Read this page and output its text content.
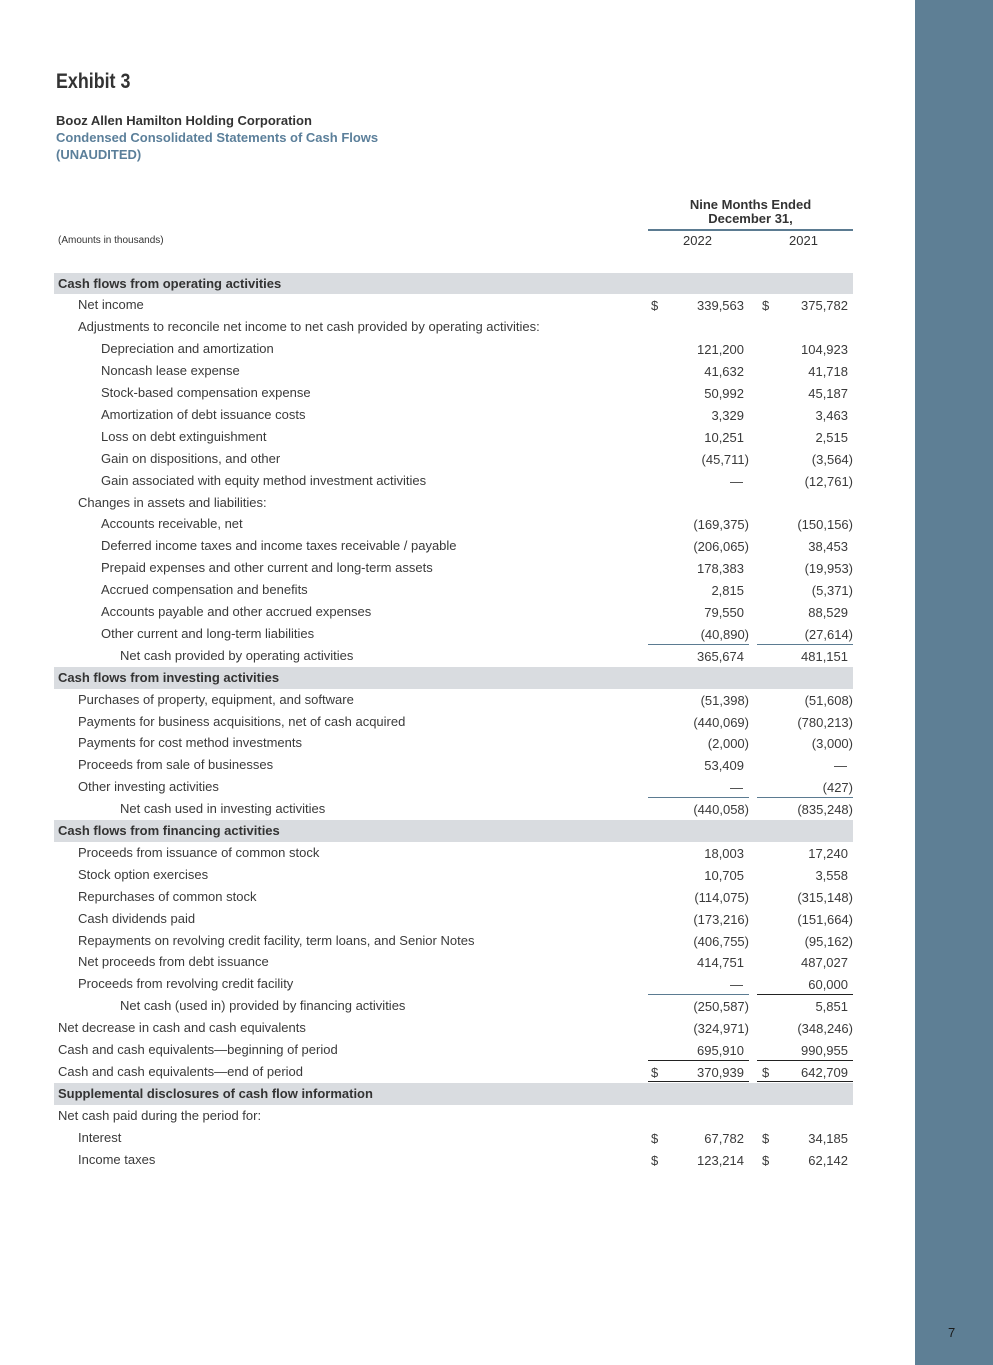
7
Exhibit 3
Booz Allen Hamilton Holding Corporation
Condensed Consolidated Statements of Cash Flows
(UNAUDITED)
Nine Months Ended
December 31,
(Amounts in thousands)	2022	2021
Cash flows from operating activities
Net income	$	339,563	$ 375,782
Adjustments to reconcile net income to net cash provided by operating activities:
Depreciation and amortization	121,200	104,923
Noncash lease expense	41,632	41,718
Stock-based compensation expense	50,992	45,187
Amortization of debt issuance costs	3,329	3,463
Loss on debt extinguishment	10,251	2,515
Gain on dispositions, and other	(45,711)	(3,564)
Gain associated with equity method investment activities	—	(12,761)
Changes in assets and liabilities:
Accounts receivable, net	(169,375)	(150,156)
Deferred income taxes and income taxes receivable / payable	(206,065)	38,453
Prepaid expenses and other current and long-term assets	178,383	(19,953)
Accrued compensation and benefits	2,815	(5,371)
Accounts payable and other accrued expenses	79,550	88,529
Other current and long-term liabilities	(40,890)	(27,614)
Net cash provided by operating activities	365,674	481,151
Cash flows from investing activities
Purchases of property, equipment, and software	(51,398)	(51,608)
Payments for business acquisitions, net of cash acquired	(440,069)	(780,213)
Payments for cost method investments	(2,000)	(3,000)
Proceeds from sale of businesses	53,409	—
Other investing activities	—	(427)
Net cash used in investing activities	(440,058)	(835,248)
Cash flows from financing activities
Proceeds from issuance of common stock	18,003	17,240
Stock option exercises	10,705	3,558
Repurchases of common stock	(114,075)	(315,148)
Cash dividends paid	(173,216)	(151,664)
Repayments on revolving credit facility, term loans, and Senior Notes	(406,755)	(95,162)
Net proceeds from debt issuance	414,751	487,027
Proceeds from revolving credit facility	—	60,000
Net cash (used in) provided by financing activities	(250,587)	5,851
Net decrease in cash and cash equivalents	(324,971)	(348,246)
Cash and cash equivalents—beginning of period	695,910	990,955
Cash and cash equivalents—end of period	$	370,939	$ 642,709
Supplemental disclosures of cash flow information
Net cash paid during the period for:
Interest	$	67,782	$	34,185
Income taxes	$	123,214	$	62,142
